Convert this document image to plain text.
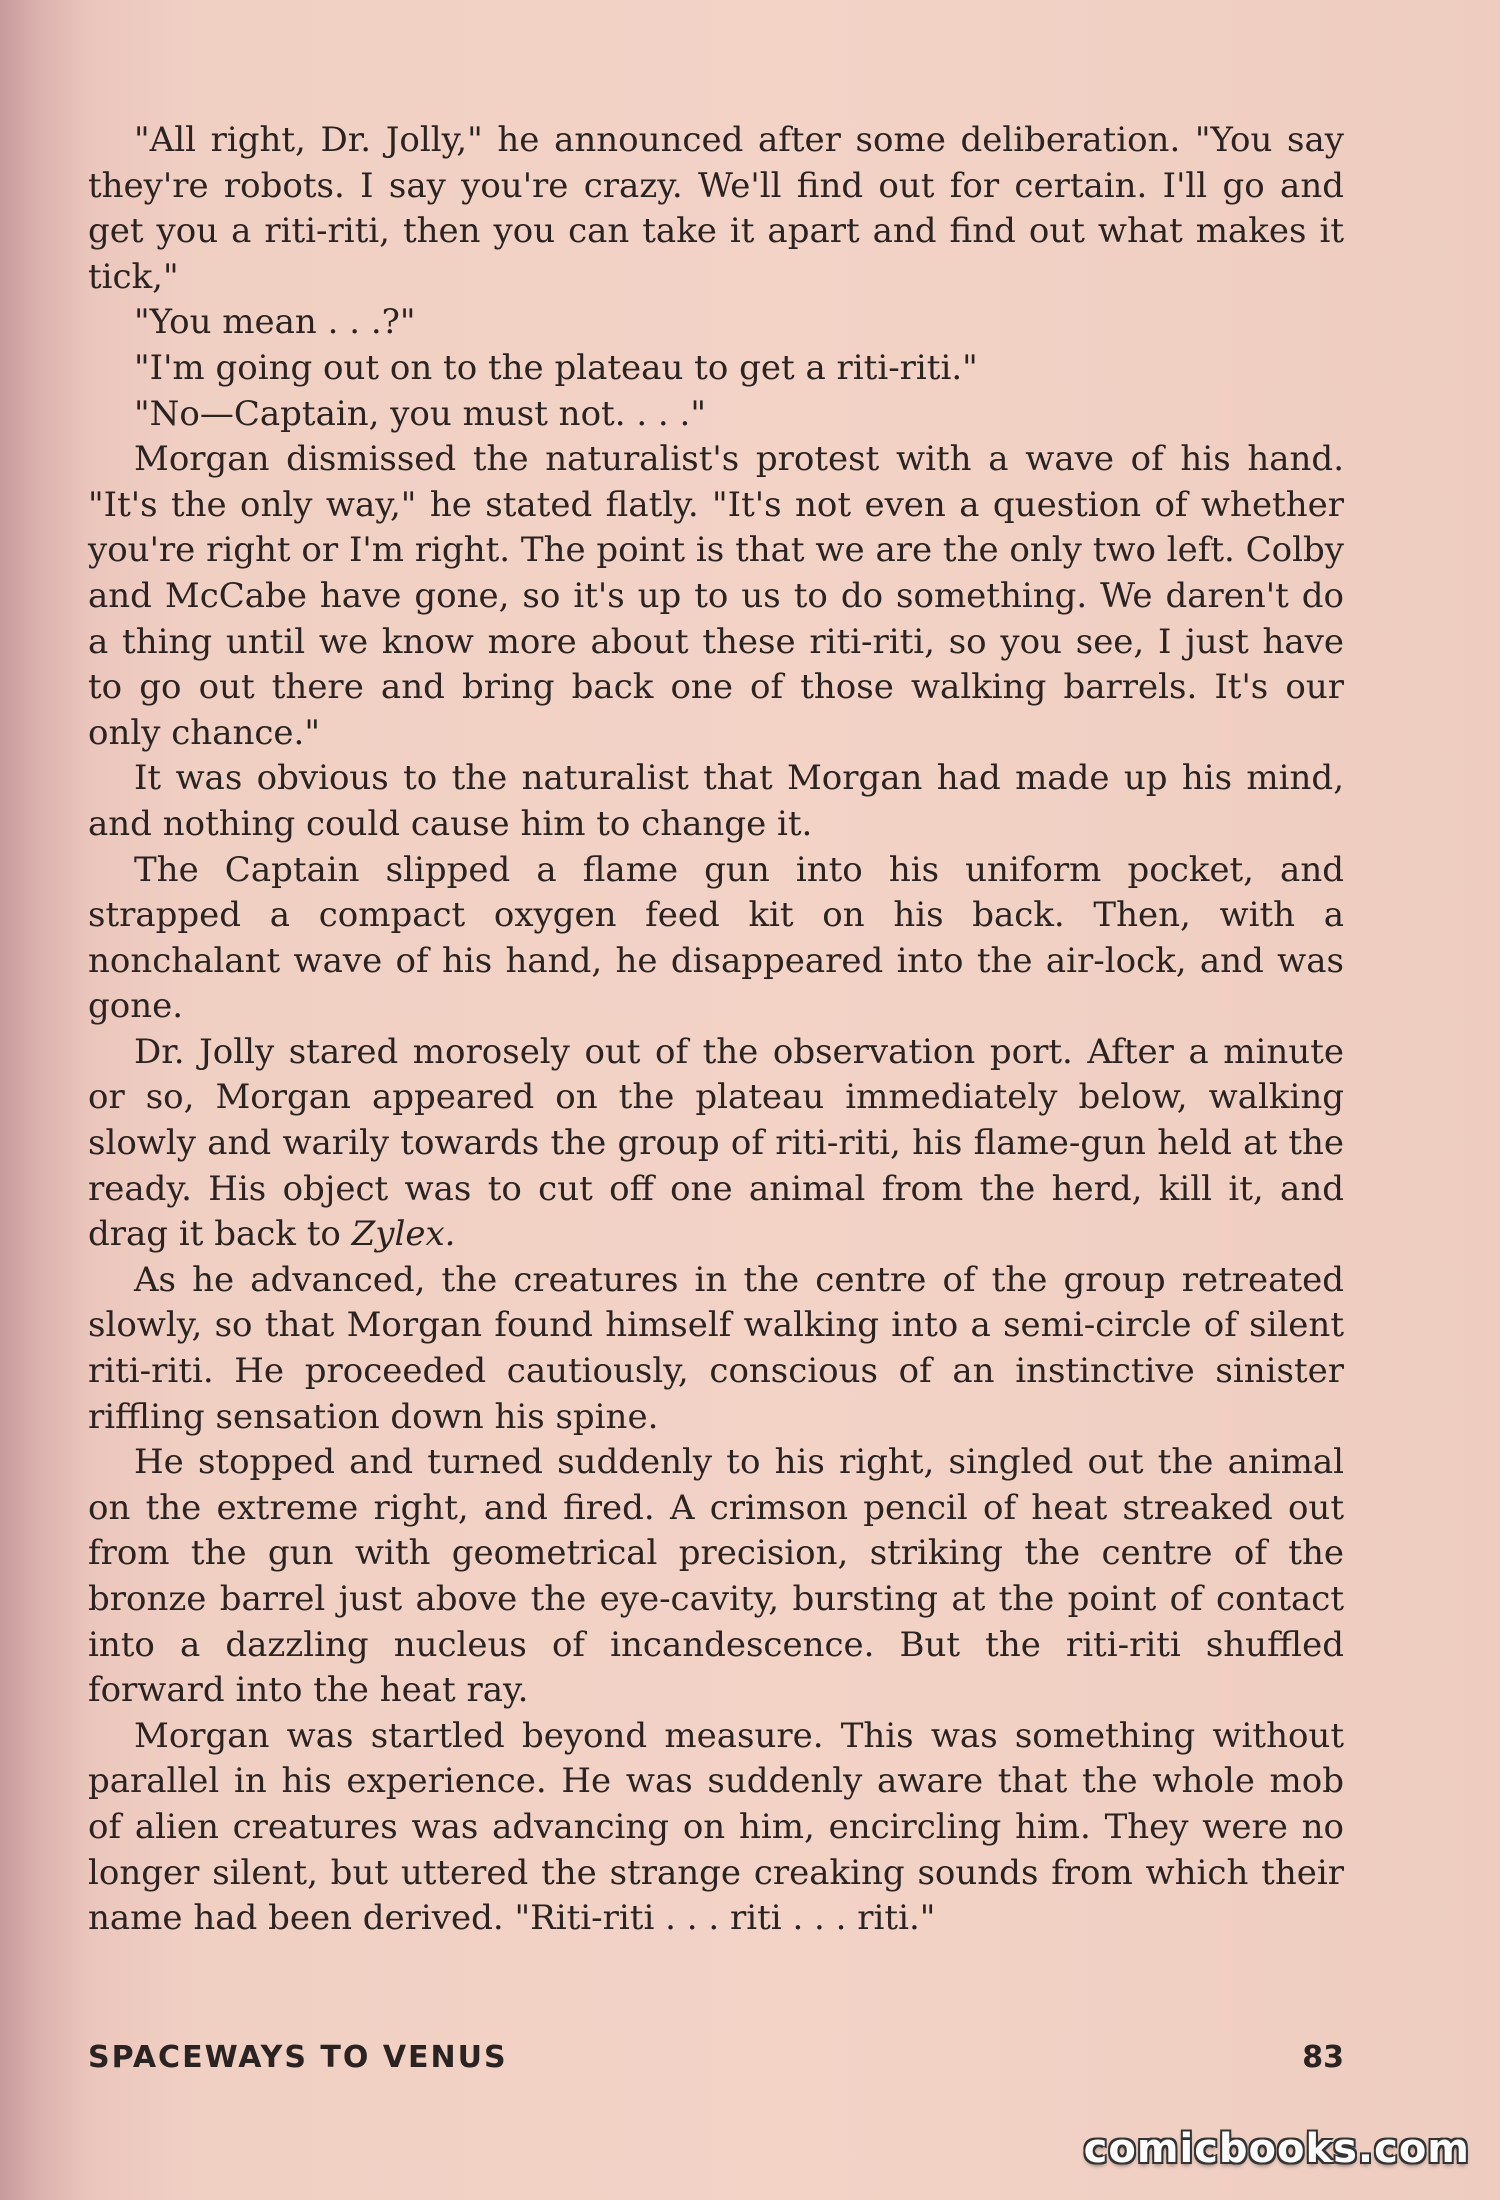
"All right, Dr. Jolly," he announced after some deliberation. "You say they're robots. I say you're crazy. We'll find out for certain. I'll go and get you a riti-riti, then you can take it apart and find out what makes it tick,"

"You mean . . .?"

"I'm going out on to the plateau to get a riti-riti."

"No—Captain, you must not. . . ."

Morgan dismissed the naturalist's protest with a wave of his hand. "It's the only way," he stated flatly. "It's not even a question of whether you're right or I'm right. The point is that we are the only two left. Colby and McCabe have gone, so it's up to us to do something. We daren't do a thing until we know more about these riti-riti, so you see, I just have to go out there and bring back one of those walking barrels. It's our only chance."

It was obvious to the naturalist that Morgan had made up his mind, and nothing could cause him to change it.

The Captain slipped a flame gun into his uniform pocket, and strapped a compact oxygen feed kit on his back. Then, with a nonchalant wave of his hand, he disappeared into the air-lock, and was gone.

Dr. Jolly stared morosely out of the observation port. After a minute or so, Morgan appeared on the plateau immediately below, walking slowly and warily towards the group of riti-riti, his flame-gun held at the ready. His object was to cut off one animal from the herd, kill it, and drag it back to Zylex.

As he advanced, the creatures in the centre of the group retreated slowly, so that Morgan found himself walking into a semi-circle of silent riti-riti. He proceeded cautiously, conscious of an instinctive sinister riffling sensation down his spine.

He stopped and turned suddenly to his right, singled out the animal on the extreme right, and fired. A crimson pencil of heat streaked out from the gun with geometrical precision, striking the centre of the bronze barrel just above the eye-cavity, bursting at the point of contact into a dazzling nucleus of incandescence. But the riti-riti shuffled forward into the heat ray.

Morgan was startled beyond measure. This was something without parallel in his experience. He was suddenly aware that the whole mob of alien creatures was advancing on him, encircling him. They were no longer silent, but uttered the strange creaking sounds from which their name had been derived. "Riti-riti . . . riti . . . riti."

SPACEWAYS TO VENUS	83
comicbooks.com
